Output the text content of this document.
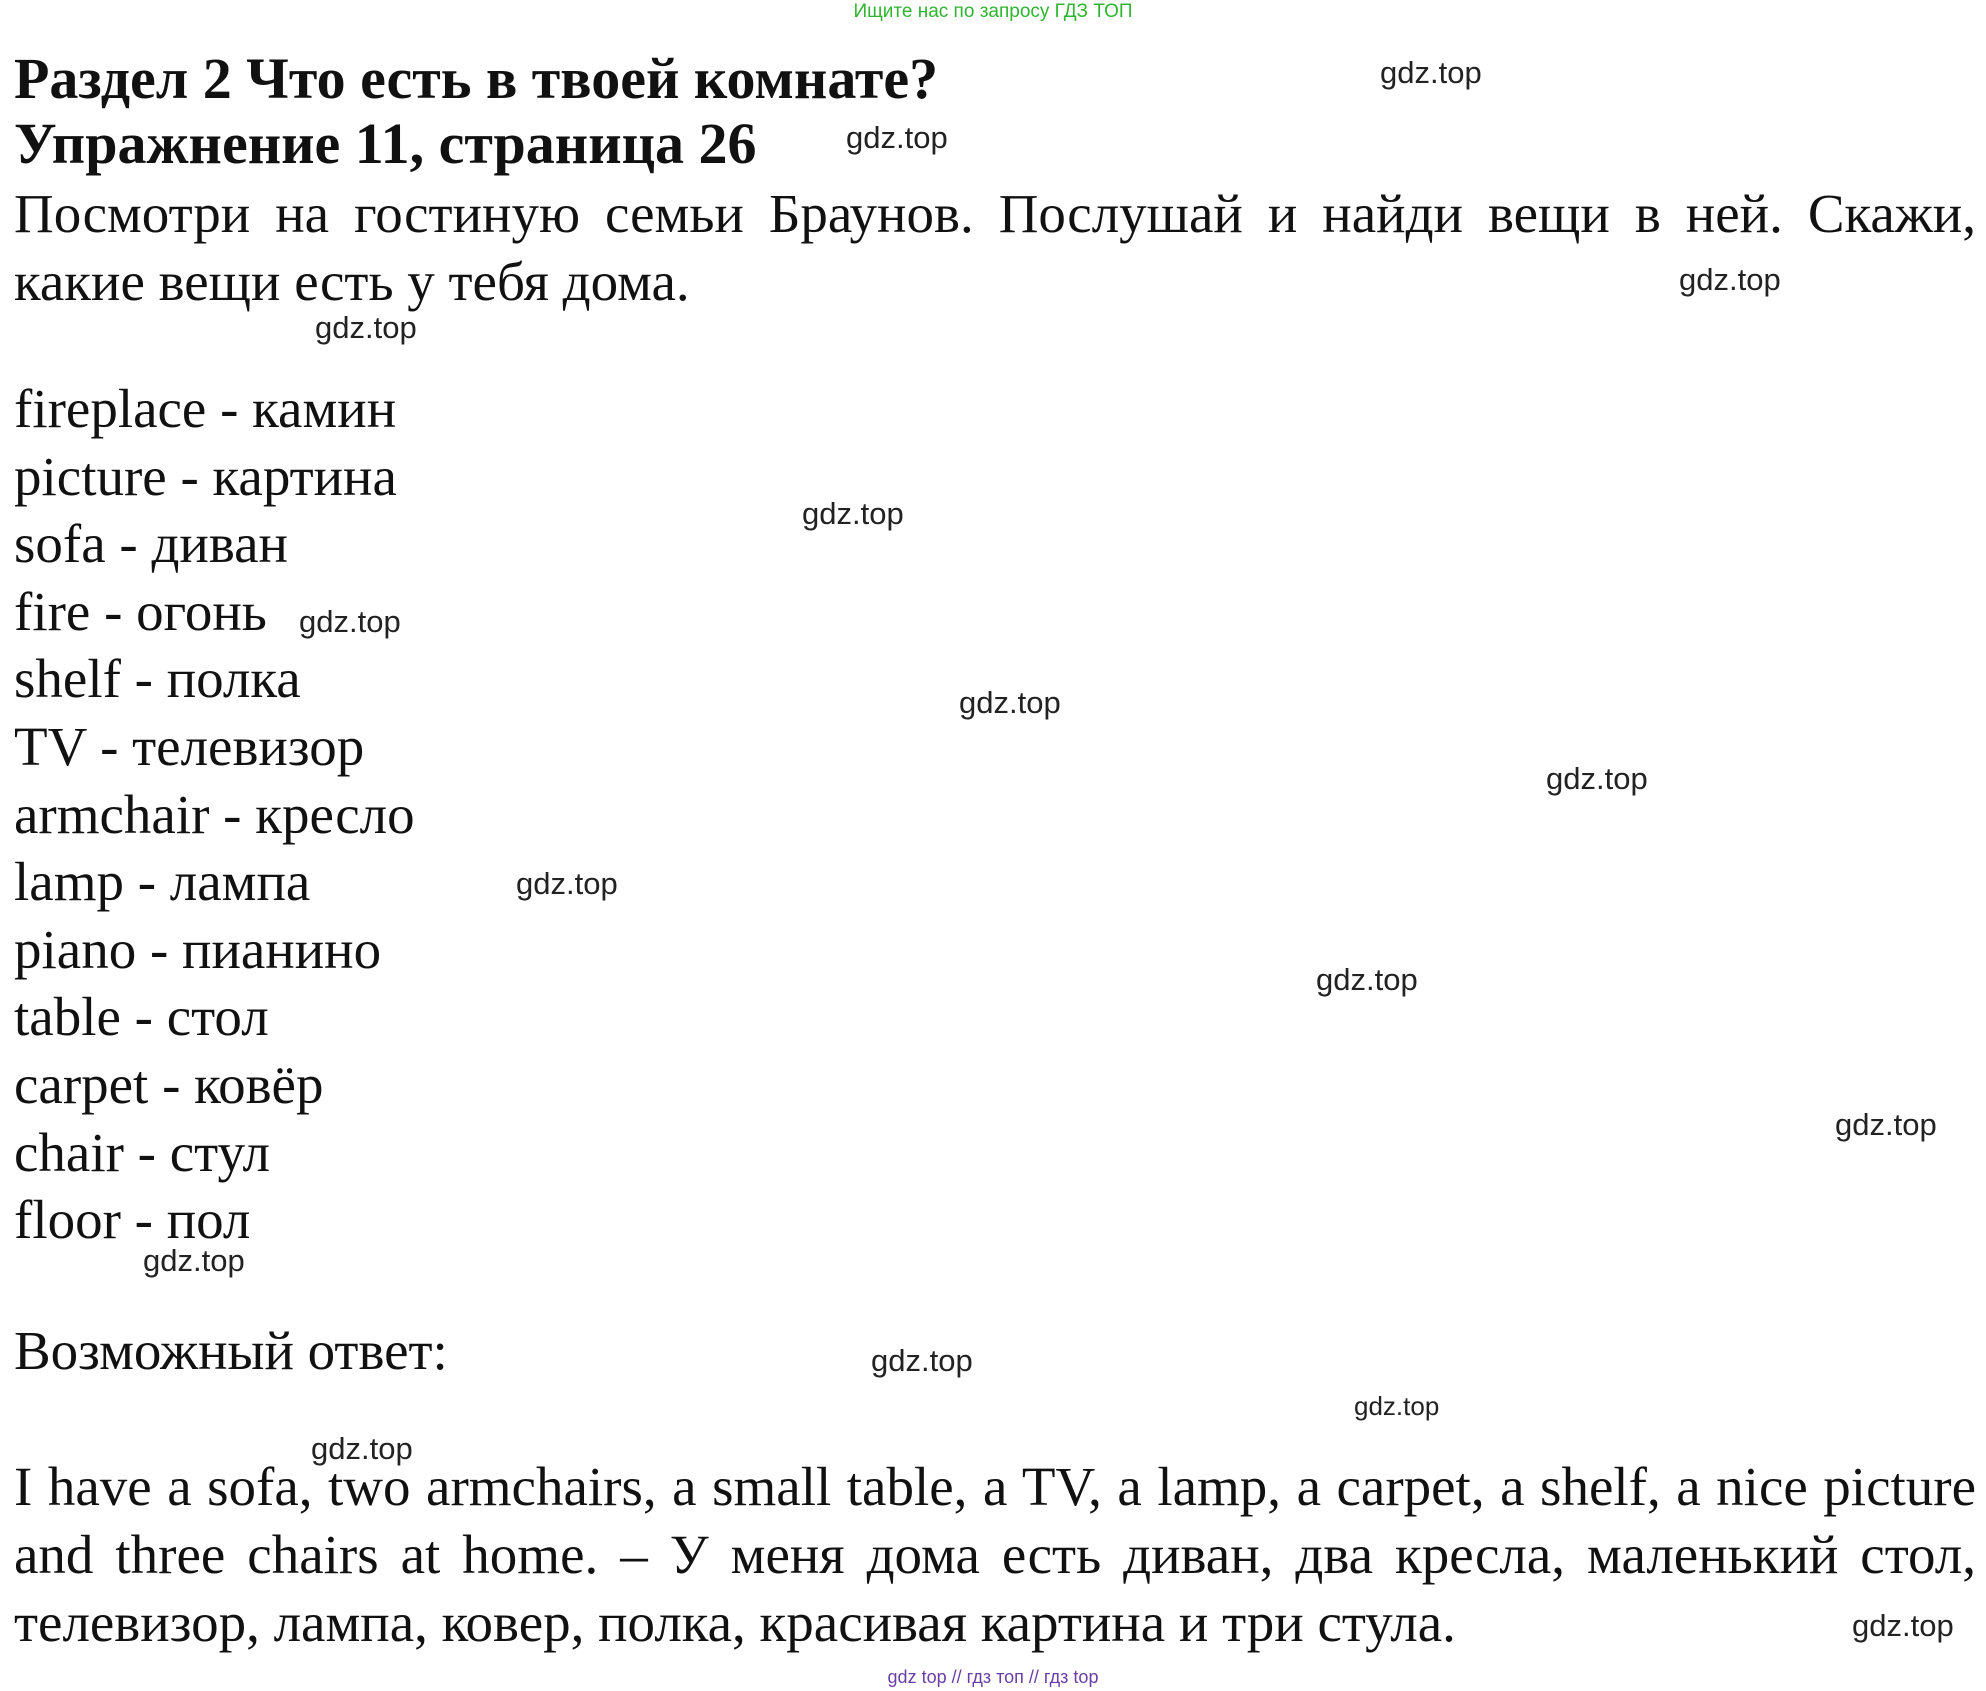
Ищите нас по запросу ГДЗ ТОП
Раздел 2 Что есть в твоей комнате?
Упражнение 11, страница 26
Посмотри на гостиную семьи Браунов. Послушай и найди вещи в ней. Скажи, какие вещи есть у тебя дома.
fireplace - камин
picture - картина
sofa - диван
fire - огонь
shelf - полка
TV - телевизор
armchair - кресло
lamp - лампа
piano - пианино
table - стол
carpet - ковёр
chair - стул
floor - пол
Возможный ответ:
I have a sofa, two armchairs, a small table, a TV, a lamp, a carpet, a shelf, a nice picture and three chairs at home. – У меня дома есть диван, два кресла, маленький стол, телевизор, лампа, ковер, полка, красивая картина и три стула.
gdz.top
gdz.top
gdz.top
gdz.top
gdz.top
gdz.top
gdz.top
gdz.top
gdz.top
gdz.top
gdz.top
gdz.top
gdz.top
gdz.top
gdz.top
gdz.top
gdz top // гдз топ // гдз top
